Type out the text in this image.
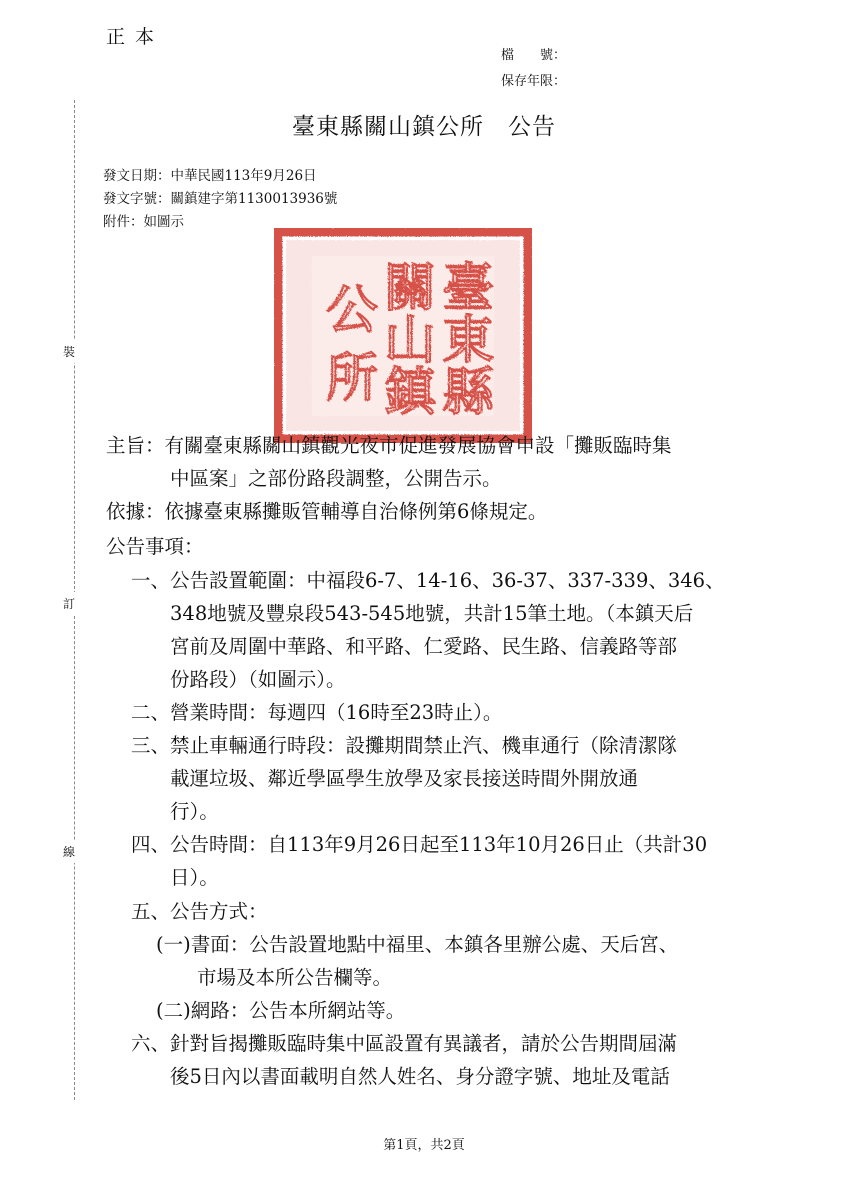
正本
檔　　號：
保存年限：
臺東縣關山鎮公所　公告
發文日期：中華民國113年9月26日
發文字號：關鎮建字第1130013936號
附件：如圖示
裝
訂
線
臺
東
縣
關
山
鎮
公
所
主旨：有關臺東縣關山鎮觀光夜市促進發展協會申設「攤販臨時集
中區案」之部份路段調整，公開告示。
依據：依據臺東縣攤販管輔導自治條例第6條規定。
公告事項：
一、公告設置範圍：中福段6-7、14-16、36-37、337-339、346、
348地號及豐泉段543-545地號，共計15筆土地。（本鎮天后
宮前及周圍中華路、和平路、仁愛路、民生路、信義路等部
份路段）（如圖示）。
二、營業時間：每週四（16時至23時止）。
三、禁止車輛通行時段：設攤期間禁止汽、機車通行（除清潔隊
載運垃圾、鄰近學區學生放學及家長接送時間外開放通
行）。
四、公告時間：自113年9月26日起至113年10月26日止（共計30
日）。
五、公告方式：
(一)書面：公告設置地點中福里、本鎮各里辦公處、天后宮、
市場及本所公告欄等。
(二)網路：公告本所網站等。
六、針對旨揭攤販臨時集中區設置有異議者，請於公告期間屆滿
後5日內以書面載明自然人姓名、身分證字號、地址及電話
第1頁，共2頁
